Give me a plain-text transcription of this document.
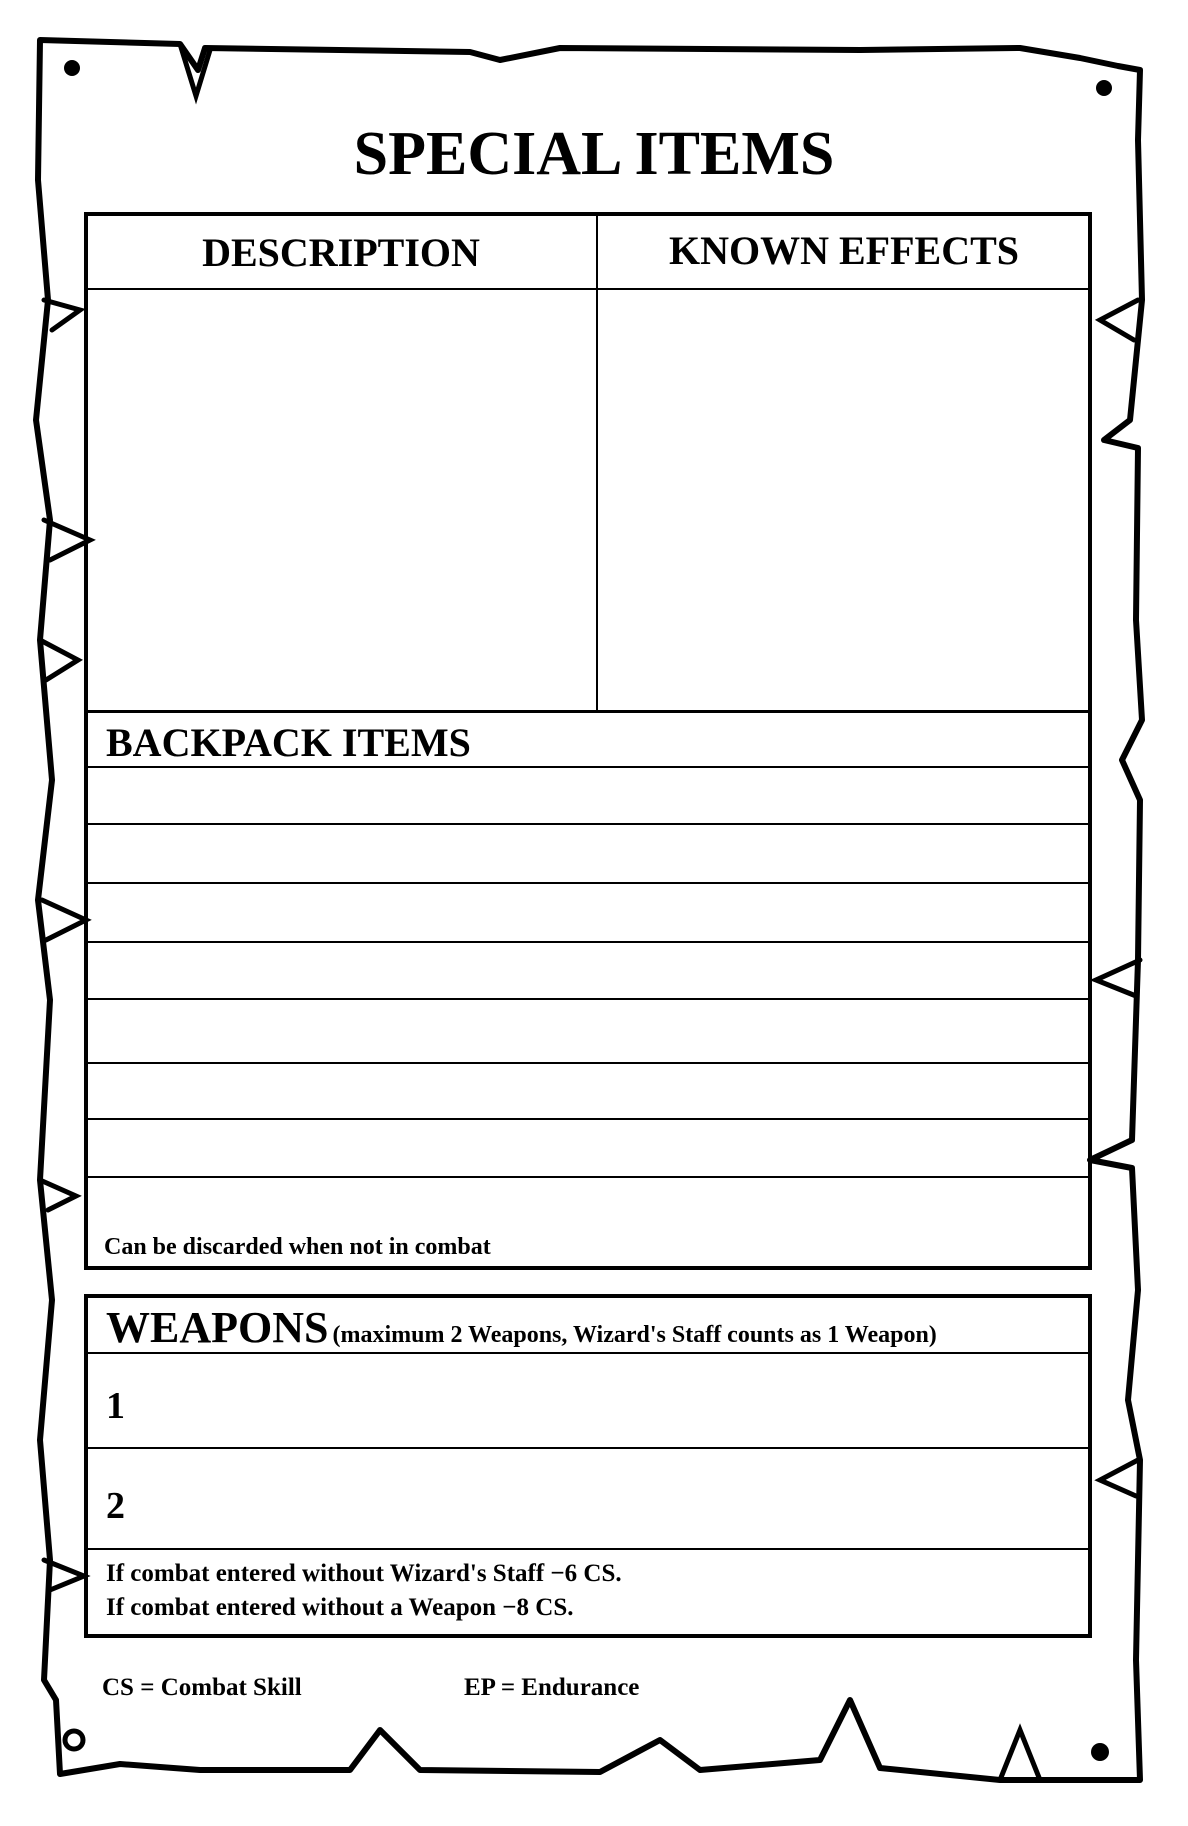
SPECIAL ITEMS
DESCRIPTION	KNOWN EFFECTS
BACKPACK ITEMS
Can be discarded when not in combat
WEAPONS (maximum 2 Weapons, Wizard's Staff counts as 1 Weapon)
1
2
If combat entered without Wizard's Staff −6 CS.
If combat entered without a Weapon −8 CS.
CS = Combat Skill	EP = Endurance
